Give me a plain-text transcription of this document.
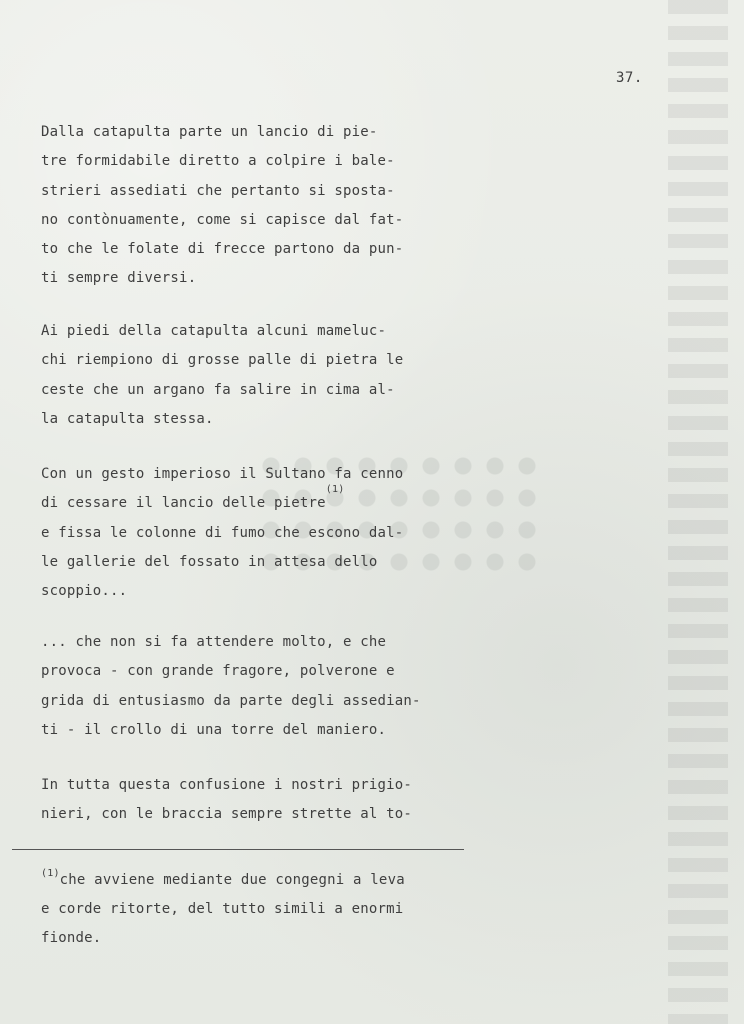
37.
Dalla catapulta parte un lancio di pie-
tre formidabile diretto a colpire i bale-
strieri assediati che pertanto si sposta-
no contònuamente, come si capisce dal fat-
to che le folate di frecce partono da pun-
ti sempre diversi.
Ai piedi della catapulta alcuni mameluc-
chi riempiono di grosse palle di pietra le
ceste che un argano fa salire in cima al-
la catapulta stessa.
Con un gesto imperioso il Sultano fa cenno
di cessare il lancio delle pietre$^{(1)}$
e fissa le colonne di fumo che escono dal-
le gallerie del fossato in attesa dello
scoppio...
... che non si fa attendere molto, e che
provoca - con grande fragore, polverone e
grida di entusiasmo da parte degli assedian-
ti - il crollo di una torre del maniero.
In tutta questa confusione i nostri prigio-
nieri, con le braccia sempre strette al to-
$^{(1)}$che avviene mediante due congegni a leva
e corde ritorte, del tutto simili a enormi
fionde.
